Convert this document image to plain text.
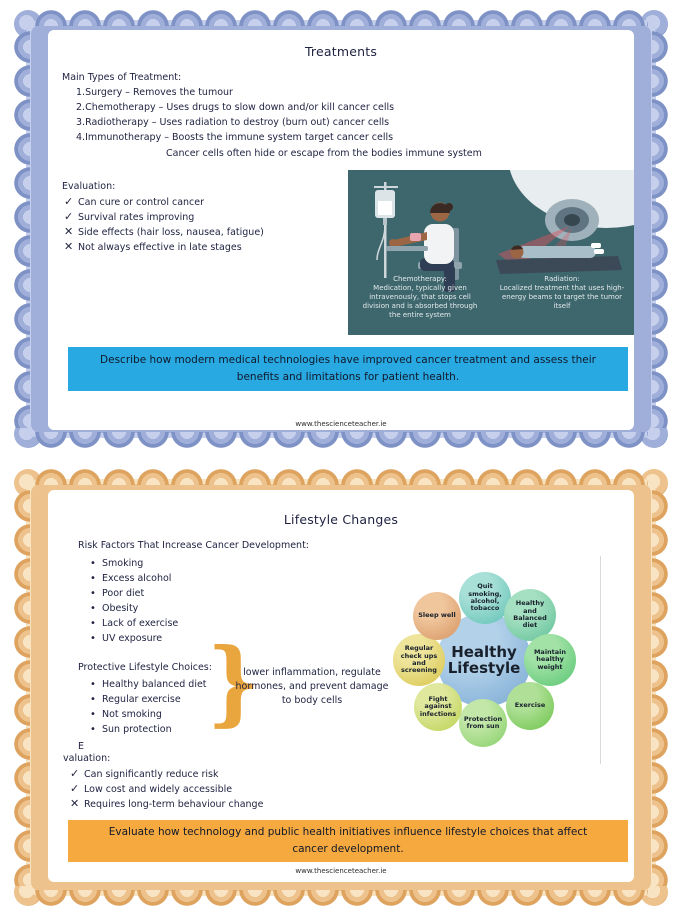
Treatments
Main Types of Treatment:
1.Surgery – Removes the tumour
2.Chemotherapy – Uses drugs to slow down and/or kill cancer cells
3.Radiotherapy – Uses radiation to destroy (burn out) cancer cells
4.Immunotherapy – Boosts the immune system target cancer cells
Cancer cells often hide or escape from the bodies immune system
Evaluation:
✓ Can cure or control cancer
✓ Survival rates improving
✕ Side effects (hair loss, nausea, fatigue)
✕ Not always effective in late stages
Chemotherapy:
Medication, typically given intravenously, that stops cell division and is absorbed through the entire system
Radiation:
Localized treatment that uses high-energy beams to target the tumor itself
Describe how modern medical technologies have improved cancer treatment and assess their benefits and limitations for patient health.
www.thescienceteacher.ie
Lifestyle Changes
Risk Factors That Increase Cancer Development:
• Smoking
• Excess alcohol
• Poor diet
• Obesity
• Lack of exercise
• UV exposure
Protective Lifestyle Choices:
• Healthy balanced diet
• Regular exercise
• Not smoking
• Sun protection }
lower inflammation, regulate hormones, and prevent damage to body cells
E
valuation:
✓ Can significantly reduce risk
✓ Low cost and widely accessible
✕ Requires long-term behaviour change
Healthy Lifestyle
Quit smoking, alcohol, tobacco
Healthy and Balanced diet
Maintain healthy weight
Exercise
Protection from sun
Fight against infections
Regular check ups and screening
Sleep well
Evaluate how technology and public health initiatives influence lifestyle choices that affect cancer development.
www.thescienceteacher.ie
